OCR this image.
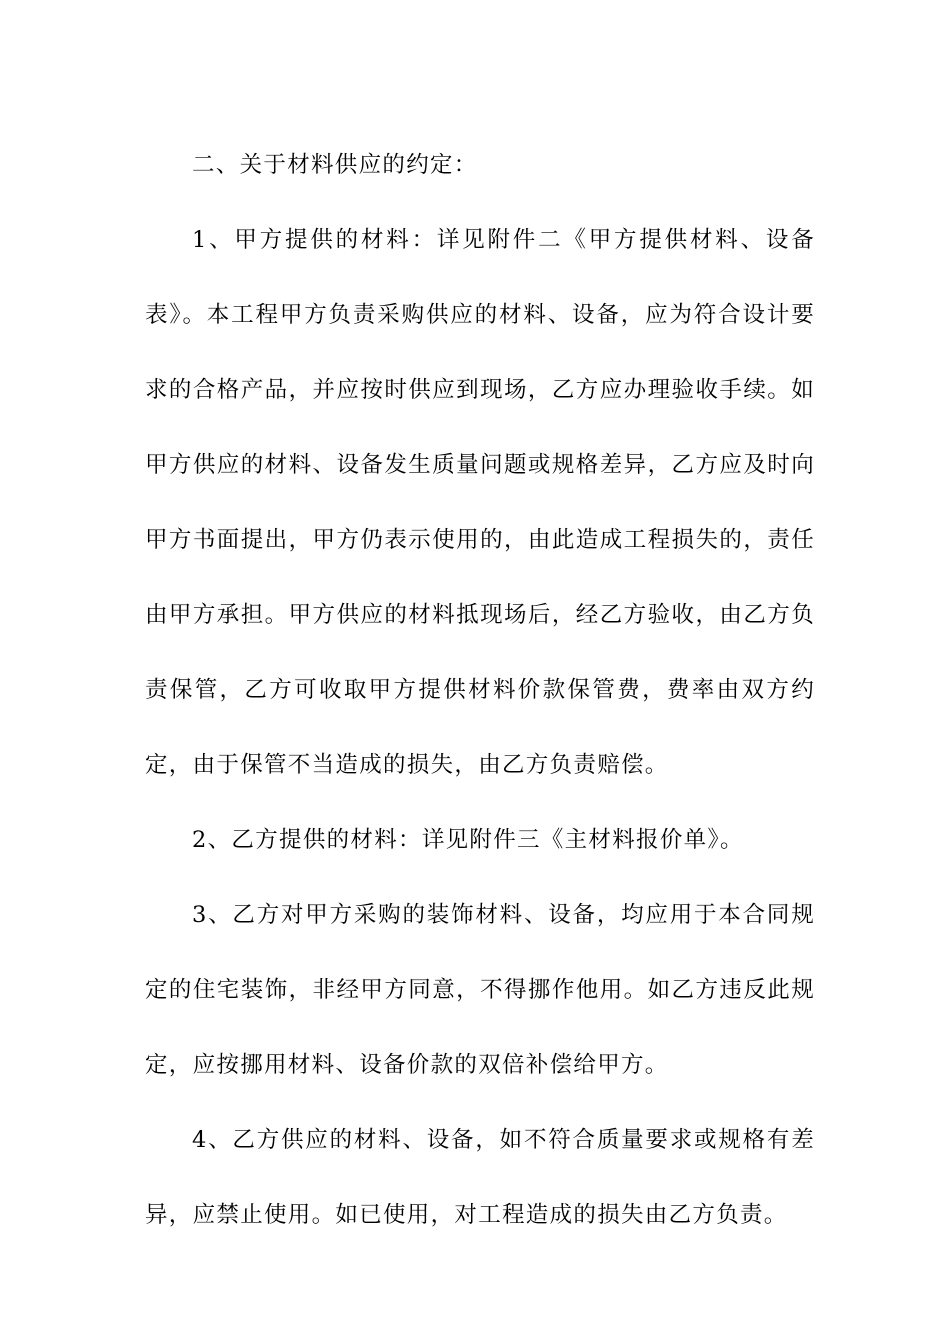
二、关于材料供应的约定：

1、甲方提供的材料：详见附件二《甲方提供材料、设备表》。本工程甲方负责采购供应的材料、设备，应为符合设计要求的合格产品，并应按时供应到现场，乙方应办理验收手续。如甲方供应的材料、设备发生质量问题或规格差异，乙方应及时向甲方书面提出，甲方仍表示使用的，由此造成工程损失的，责任由甲方承担。甲方供应的材料抵现场后，经乙方验收，由乙方负责保管，乙方可收取甲方提供材料价款保管费，费率由双方约定，由于保管不当造成的损失，由乙方负责赔偿。

2、乙方提供的材料：详见附件三《主材料报价单》。

3、乙方对甲方采购的装饰材料、设备，均应用于本合同规定的住宅装饰，非经甲方同意，不得挪作他用。如乙方违反此规定，应按挪用材料、设备价款的双倍补偿给甲方。

4、乙方供应的材料、设备，如不符合质量要求或规格有差异，应禁止使用。如已使用，对工程造成的损失由乙方负责。
